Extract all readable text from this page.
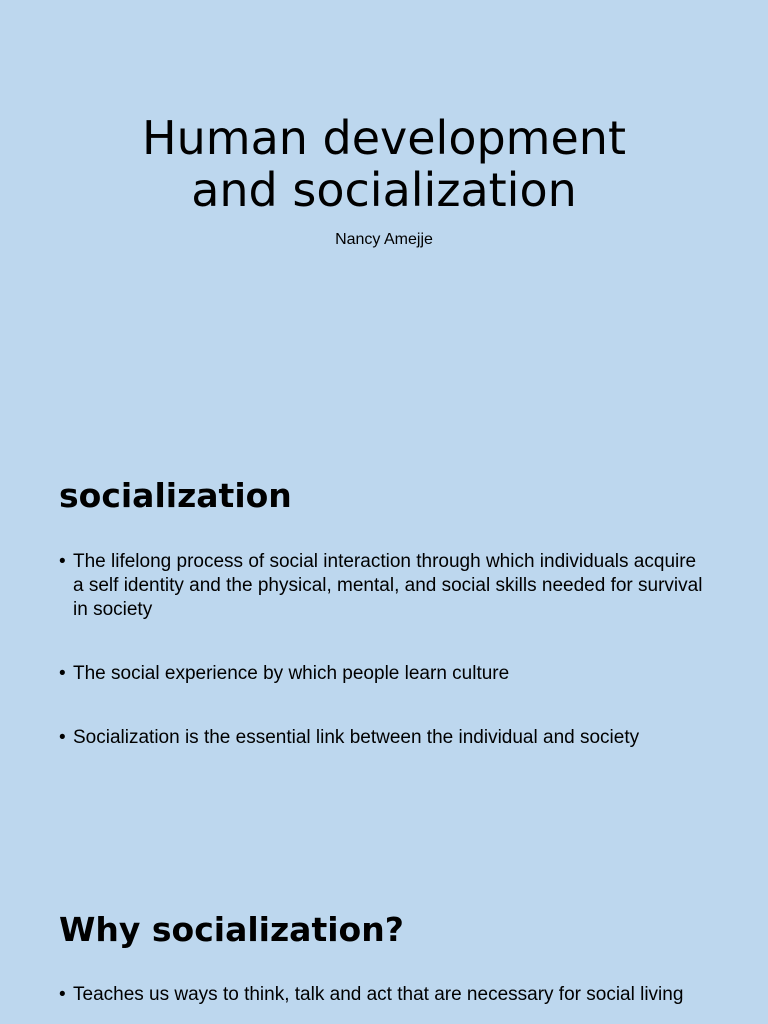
Human development
and socialization
Nancy Amejje
socialization
• The lifelong process of social interaction through which individuals acquire a self identity and the physical, mental, and social skills needed for survival in society
• The social experience by which people learn culture
• Socialization is the essential link between the individual and society
Why socialization?
• Teaches us ways to think, talk and act that are necessary for social living
